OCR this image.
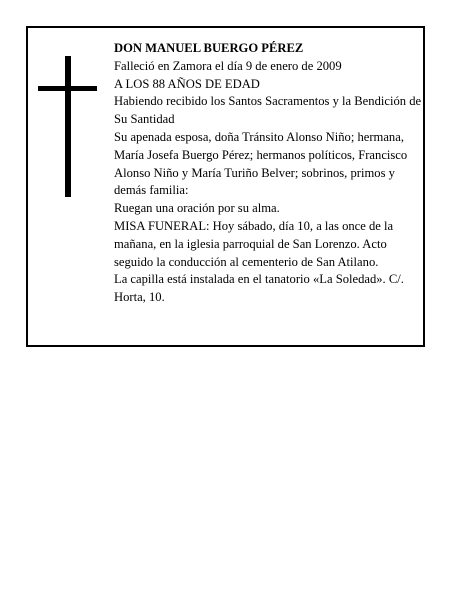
DON MANUEL BUERGO PÉREZ

Falleció en Zamora el día 9 de enero de 2009

A LOS 88 AÑOS DE EDAD

Habiendo recibido los Santos Sacramentos y la Bendición de Su Santidad

Su apenada esposa, doña Tránsito Alonso Niño; hermana, María Josefa Buergo Pérez; hermanos políticos, Francisco Alonso Niño y María Turiño Belver; sobrinos, primos y demás familia:

Ruegan una oración por su alma.

MISA FUNERAL: Hoy sábado, día 10, a las once de la mañana, en la iglesia parroquial de San Lorenzo. Acto seguido la conducción al cementerio de San Atilano.

La capilla está instalada en el tanatorio «La Soledad». C/. Horta, 10.
